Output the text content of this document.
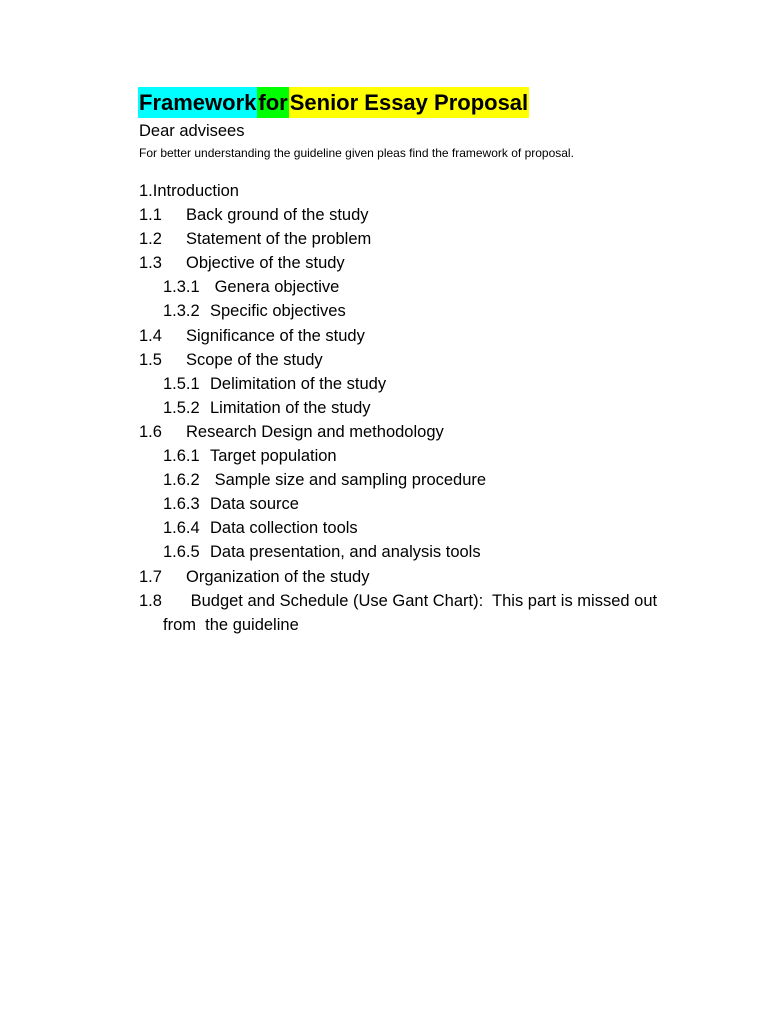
Framework for Senior Essay Proposal
Dear advisees
For better understanding the guideline given pleas find the framework of proposal.
1.Introduction
1.1	Back ground of the study
1.2	Statement of the problem
1.3	Objective of the study
1.3.1 Genera objective
1.3.2 Specific objectives
1.4	Significance of the study
1.5	Scope of the study
1.5.1 Delimitation of the study
1.5.2 Limitation of the study
1.6	Research Design and methodology
1.6.1 Target population
1.6.2 Sample size and sampling procedure
1.6.3 Data source
1.6.4 Data collection tools
1.6.5 Data presentation, and analysis tools
1.7	Organization of the study
1.8	Budget and Schedule (Use Gant Chart):  This part is missed out
from  the guideline
